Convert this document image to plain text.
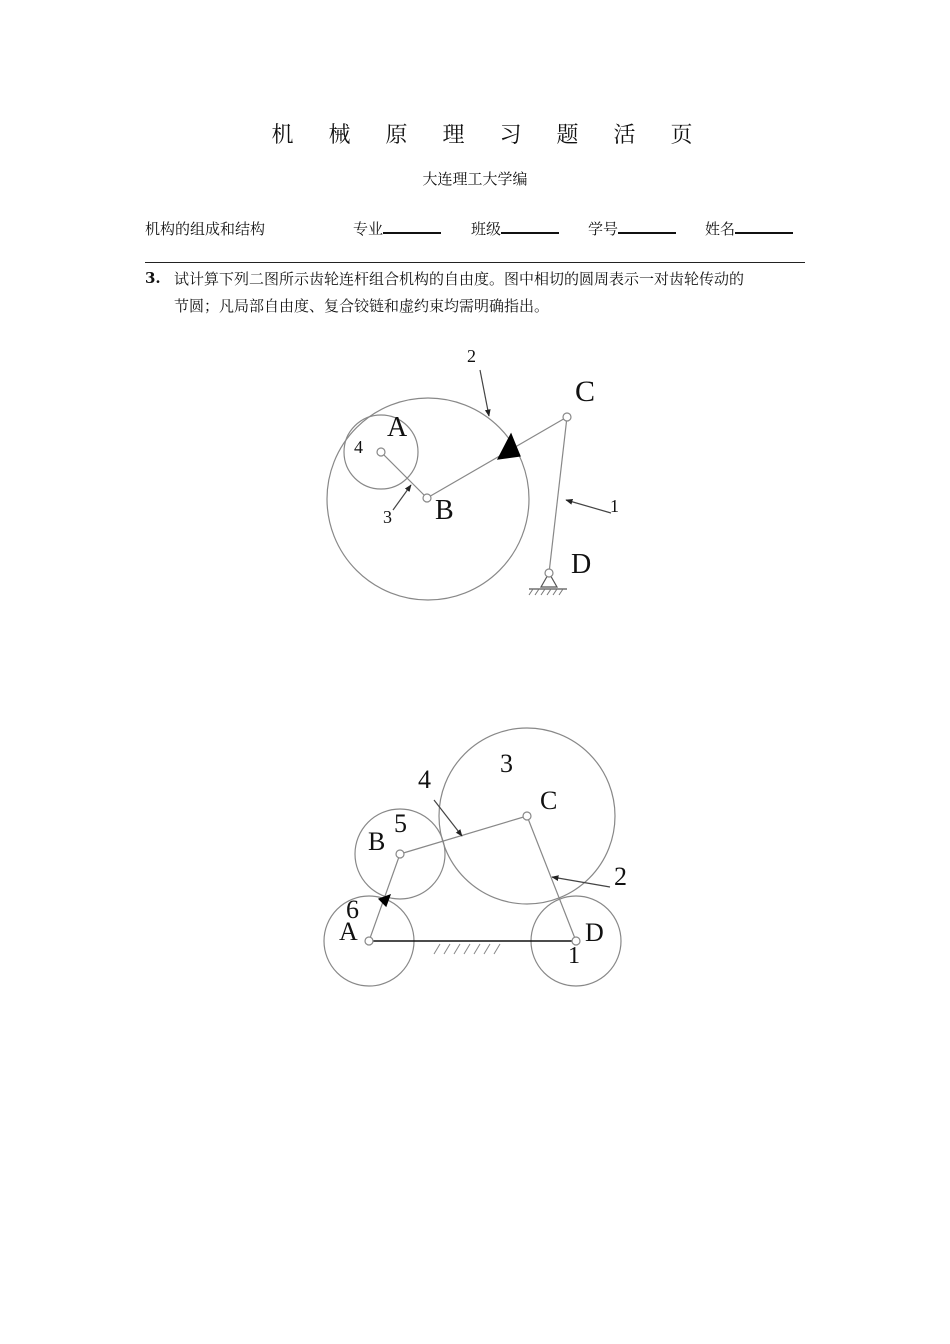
机 械 原 理 习 题 活 页
大连理工大学编
机构的组成和结构	专业	班级	学号	姓名
3. 试计算下列二图所示齿轮连杆组合机构的自由度。图中相切的圆周表示一对齿轮传动的
节圆；凡局部自由度、复合铰链和虚约束均需明确指出。
A
B
C
D
1
2
3
4
A
B
C
D
1
2
3
4
5
6
